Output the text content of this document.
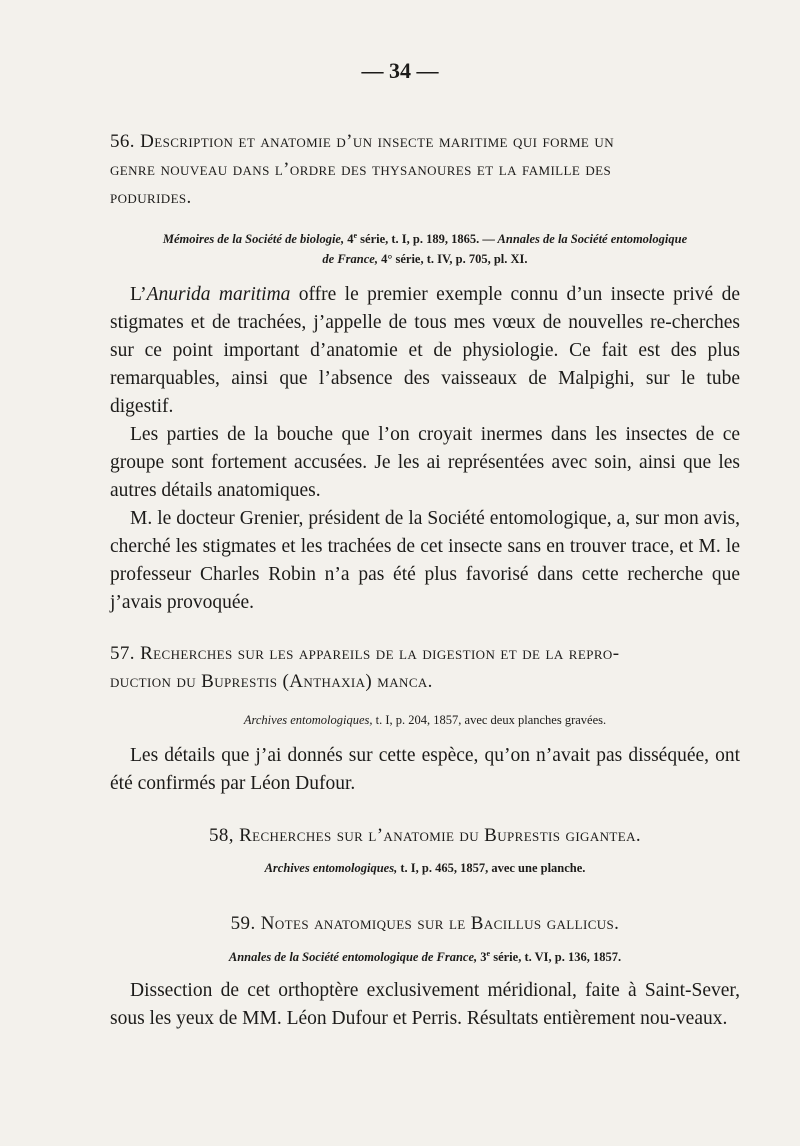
— 34 —
56. Description et anatomie d’un insecte maritime qui forme un
genre nouveau dans l’ordre des thysanoures et la famille des
podurides.
Mémoires de la Société de biologie, 4e série, t. I, p. 189, 1865. — Annales de la Société entomologique
de France, 4° série, t. IV, p. 705, pl. XI.

L’Anurida maritima offre le premier exemple connu d’un insecte privé de stigmates et de trachées, j’appelle de tous mes vœux de nouvelles re-cherches sur ce point important d’anatomie et de physiologie. Ce fait est des plus remarquables, ainsi que l’absence des vaisseaux de Malpighi, sur le tube digestif.

Les parties de la bouche que l’on croyait inermes dans les insectes de ce groupe sont fortement accusées. Je les ai représentées avec soin, ainsi que les autres détails anatomiques.

M. le docteur Grenier, président de la Société entomologique, a, sur mon avis, cherché les stigmates et les trachées de cet insecte sans en trouver trace, et M. le professeur Charles Robin n’a pas été plus favorisé dans cette recherche que j’avais provoquée.

57. Recherches sur les appareils de la digestion et de la repro-

duction du Buprestis (Anthaxia) manca.
Archives entomologiques, t. I, p. 204, 1857, avec deux planches gravées.

Les détails que j’ai donnés sur cette espèce, qu’on n’avait pas disséquée, ont été confirmés par Léon Dufour.

58, Recherches sur l’anatomie du Buprestis gigantea.
Archives entomologiques, t. I, p. 465, 1857, avec une planche.
59. Notes anatomiques sur le Bacillus gallicus.
Annales de la Société entomologique de France, 3e série, t. VI, p. 136, 1857.

Dissection de cet orthoptère exclusivement méridional, faite à Saint-Sever, sous les yeux de MM. Léon Dufour et Perris. Résultats entièrement nou-veaux.
